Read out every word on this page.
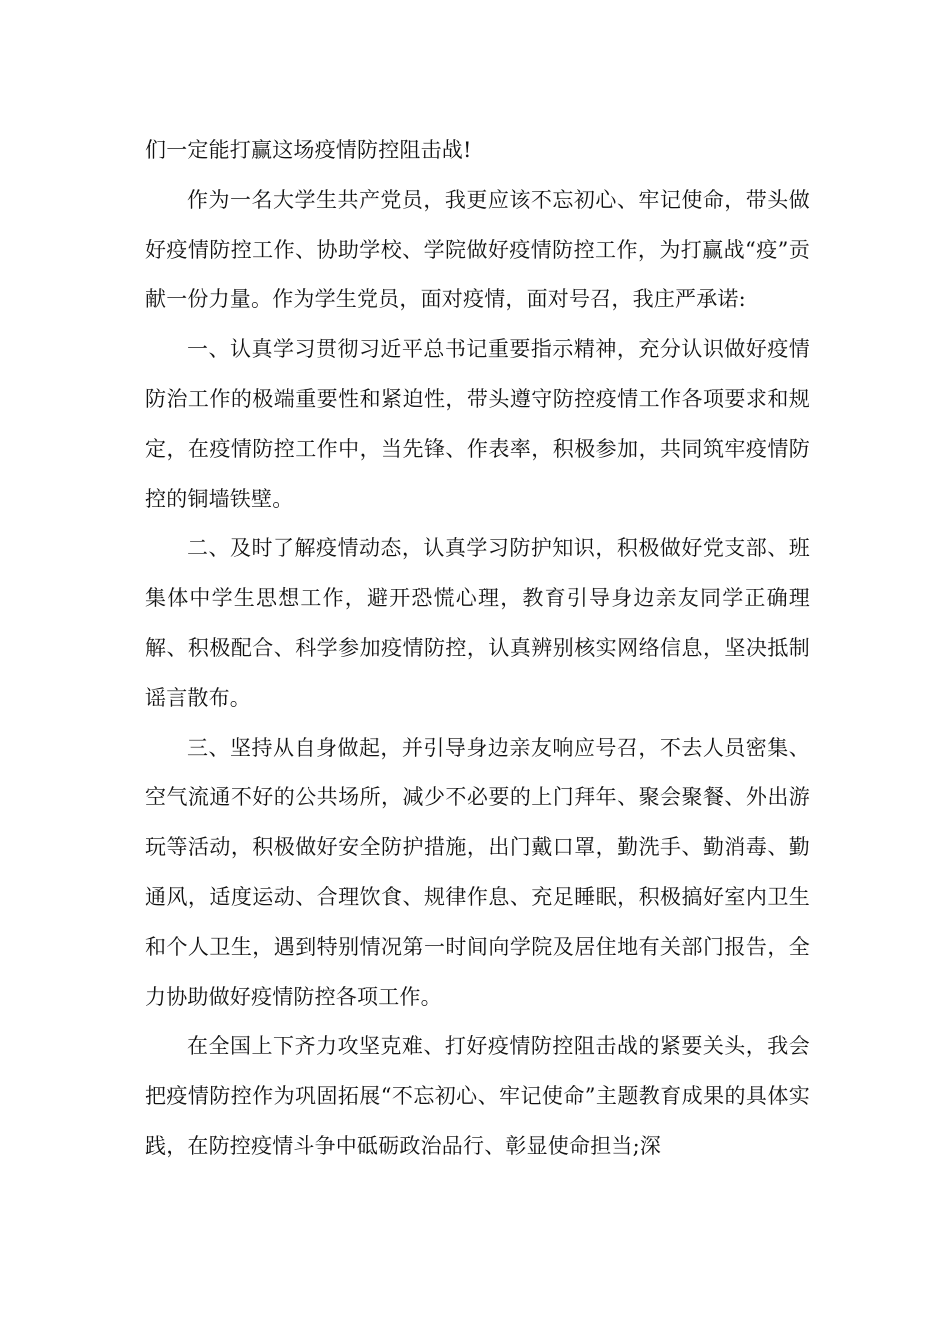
们一定能打赢这场疫情防控阻击战!

作为一名大学生共产党员，我更应该不忘初心、牢记使命，带头做好疫情防控工作、协助学校、学院做好疫情防控工作，为打赢战“疫”贡献一份力量。作为学生党员，面对疫情，面对号召，我庄严承诺:

一、认真学习贯彻习近平总书记重要指示精神，充分认识做好疫情防治工作的极端重要性和紧迫性，带头遵守防控疫情工作各项要求和规定，在疫情防控工作中，当先锋、作表率，积极参加，共同筑牢疫情防控的铜墙铁壁。

二、及时了解疫情动态，认真学习防护知识，积极做好党支部、班集体中学生思想工作，避开恐慌心理，教育引导身边亲友同学正确理解、积极配合、科学参加疫情防控，认真辨别核实网络信息，坚决抵制谣言散布。

三、坚持从自身做起，并引导身边亲友响应号召，不去人员密集、空气流通不好的公共场所，减少不必要的上门拜年、聚会聚餐、外出游玩等活动，积极做好安全防护措施，出门戴口罩，勤洗手、勤消毒、勤通风，适度运动、合理饮食、规律作息、充足睡眠，积极搞好室内卫生和个人卫生，遇到特别情况第一时间向学院及居住地有关部门报告，全力协助做好疫情防控各项工作。

在全国上下齐力攻坚克难、打好疫情防控阻击战的紧要关头，我会把疫情防控作为巩固拓展“不忘初心、牢记使命”主题教育成果的具体实践，在防控疫情斗争中砥砺政治品行、彰显使命担当;深
